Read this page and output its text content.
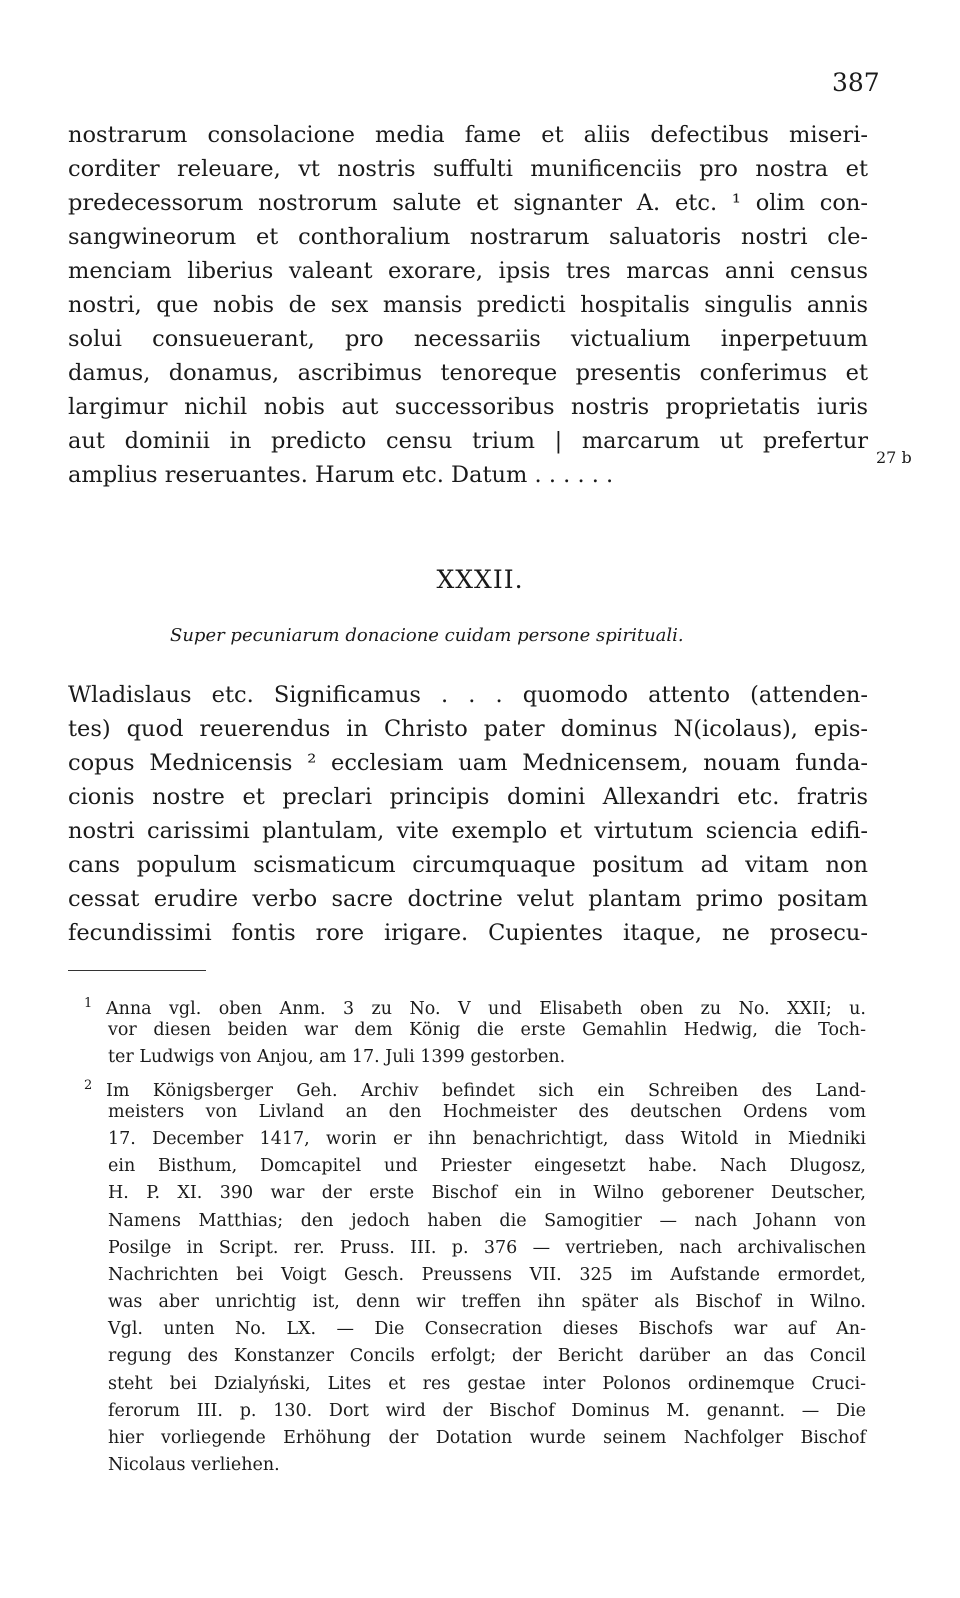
387
nostrarum consolacione media fame et aliis defectibus miseri-
corditer releuare, vt nostris suffulti munificenciis pro nostra et
predecessorum nostrorum salute et signanter A. etc. ¹ olim con-
sangwineorum et conthoralium nostrarum saluatoris nostri cle-
menciam liberius valeant exorare, ipsis tres marcas anni census
nostri, que nobis de sex mansis predicti hospitalis singulis annis
solui consueuerant, pro necessariis victualium inperpetuum
damus, donamus, ascribimus tenoreque presentis conferimus et
largimur nichil nobis aut successoribus nostris proprietatis iuris
aut dominii in predicto censu trium | marcarum ut prefertur
amplius reseruantes. Harum etc. Datum . . . . . .
27 b
XXXII.
Super pecuniarum donacione cuidam persone spirituali.
Wladislaus etc. Significamus . . . quomodo attento (attenden-
tes) quod reuerendus in Christo pater dominus N(icolaus), epis-
copus Mednicensis ² ecclesiam uam Mednicensem, nouam funda-
cionis nostre et preclari principis domini Allexandri etc. fratris
nostri carissimi plantulam, vite exemplo et virtutum sciencia edifi-
cans populum scismaticum circumquaque positum ad vitam non
cessat erudire verbo sacre doctrine velut plantam primo positam
fecundissimi fontis rore irigare. Cupientes itaque, ne prosecu-
1 Anna vgl. oben Anm. 3 zu No. V und Elisabeth oben zu No. XXII; u.
vor diesen beiden war dem König die erste Gemahlin Hedwig, die Toch-
ter Ludwigs von Anjou, am 17. Juli 1399 gestorben.
2 Im Königsberger Geh. Archiv befindet sich ein Schreiben des Land-
meisters von Livland an den Hochmeister des deutschen Ordens vom
17. December 1417, worin er ihn benachrichtigt, dass Witold in Miedniki
ein Bisthum, Domcapitel und Priester eingesetzt habe. Nach Dlugosz,
H. P. XI. 390 war der erste Bischof ein in Wilno geborener Deutscher,
Namens Matthias; den jedoch haben die Samogitier — nach Johann von
Posilge in Script. rer. Pruss. III. p. 376 — vertrieben, nach archivalischen
Nachrichten bei Voigt Gesch. Preussens VII. 325 im Aufstande ermordet,
was aber unrichtig ist, denn wir treffen ihn später als Bischof in Wilno.
Vgl. unten No. LX. — Die Consecration dieses Bischofs war auf An-
regung des Konstanzer Concils erfolgt; der Bericht darüber an das Concil
steht bei Dzialyński, Lites et res gestae inter Polonos ordinemque Cruci-
ferorum III. p. 130. Dort wird der Bischof Dominus M. genannt. — Die
hier vorliegende Erhöhung der Dotation wurde seinem Nachfolger Bischof
Nicolaus verliehen.
